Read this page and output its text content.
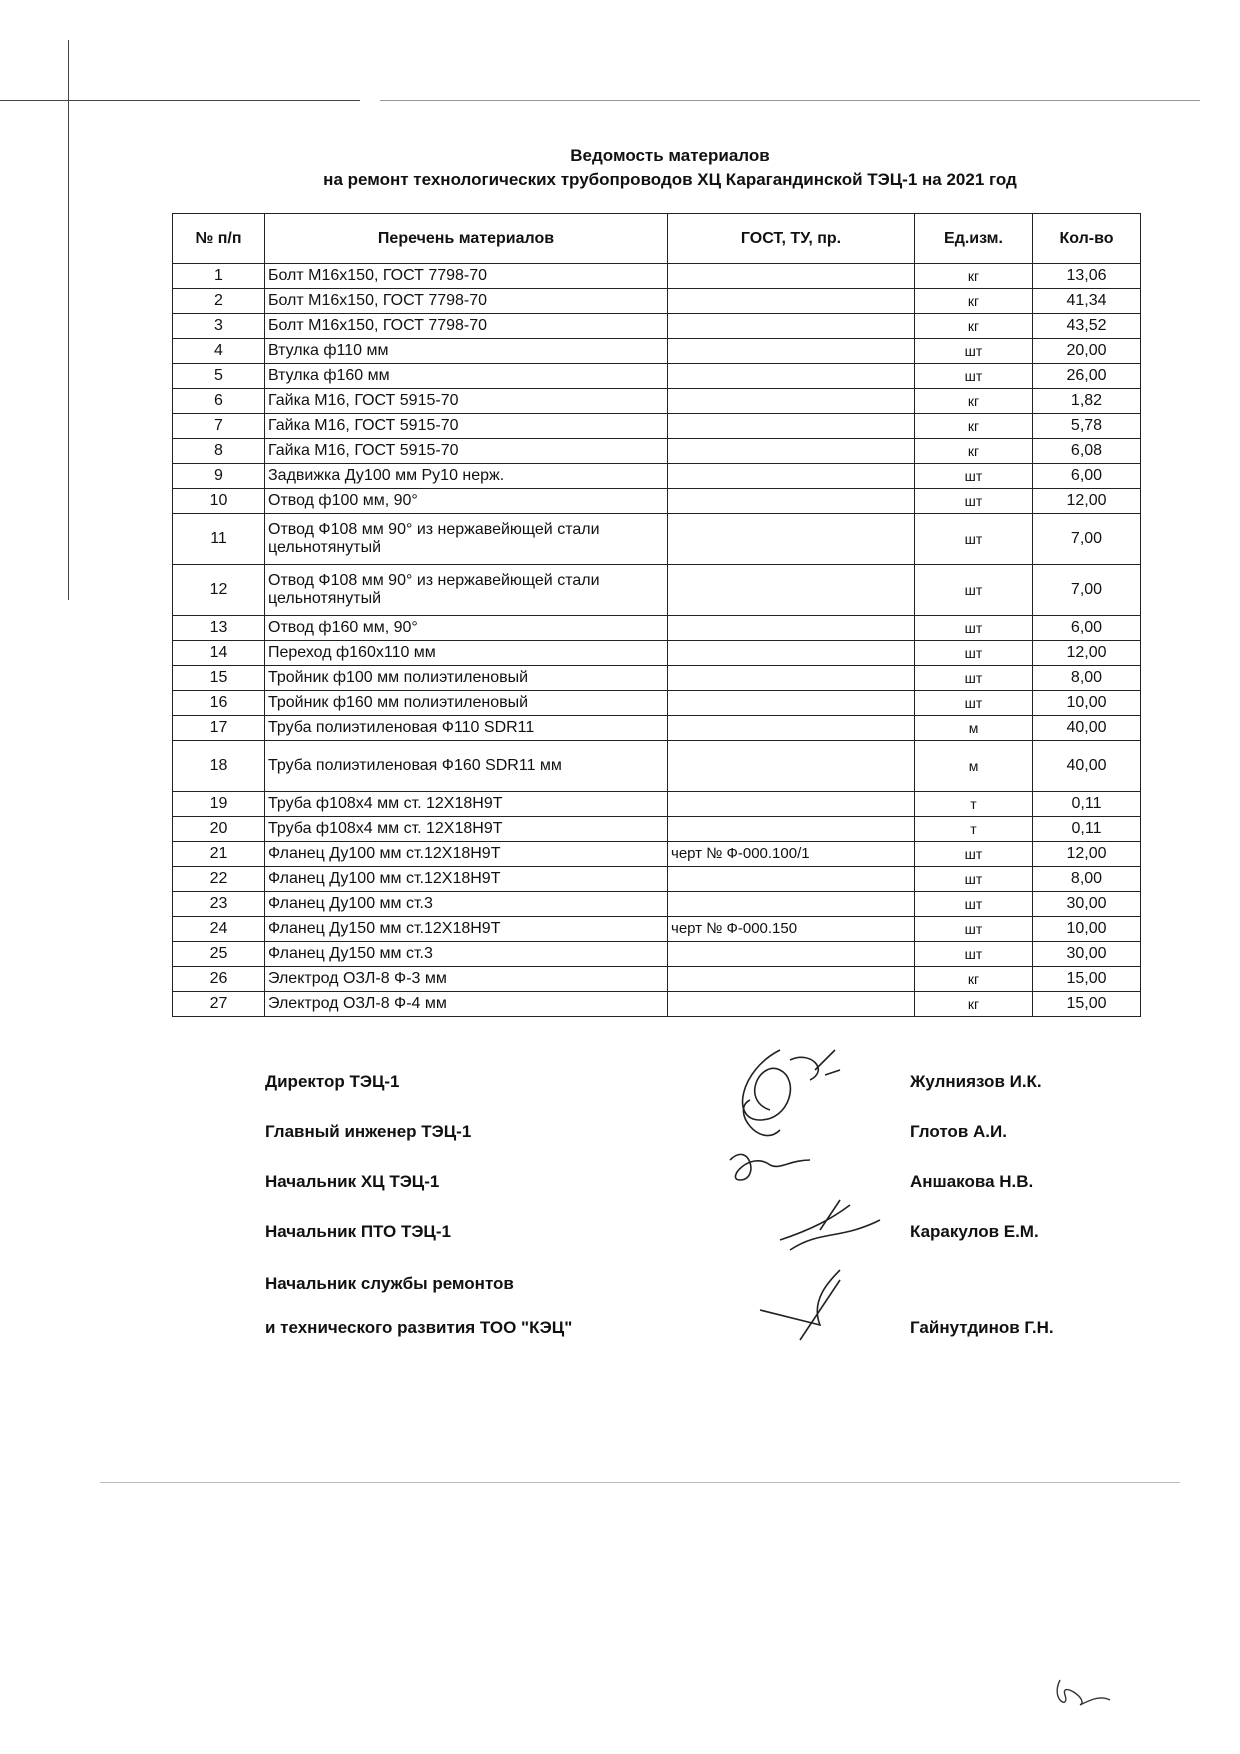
Ведомость материалов
на ремонт технологических трубопроводов ХЦ Карагандинской ТЭЦ-1 на 2021 год
№ п/п	Перечень материалов	ГОСТ, ТУ, пр.	Ед.изм.	Кол-во
1	Болт М16х150, ГОСТ 7798-70		кг	13,06
2	Болт М16х150, ГОСТ 7798-70		кг	41,34
3	Болт М16х150, ГОСТ 7798-70		кг	43,52
4	Втулка ф110 мм		шт	20,00
5	Втулка ф160 мм		шт	26,00
6	Гайка М16, ГОСТ 5915-70		кг	1,82
7	Гайка М16, ГОСТ 5915-70		кг	5,78
8	Гайка М16, ГОСТ 5915-70		кг	6,08
9	Задвижка Ду100 мм Ру10 нерж.		шт	6,00
10	Отвод ф100 мм, 90°		шт	12,00
11	Отвод Ф108 мм 90° из нержавейющей стали цельнотянутый		шт	7,00
12	Отвод Ф108 мм 90° из нержавейющей стали цельнотянутый		шт	7,00
13	Отвод ф160 мм, 90°		шт	6,00
14	Переход ф160х110 мм		шт	12,00
15	Тройник ф100 мм полиэтиленовый		шт	8,00
16	Тройник ф160 мм полиэтиленовый		шт	10,00
17	Труба полиэтиленовая Ф110 SDR11		м	40,00
18	Труба полиэтиленовая Ф160 SDR11 мм		м	40,00
19	Труба ф108х4 мм ст. 12Х18Н9Т		т	0,11
20	Труба ф108х4 мм ст. 12Х18Н9Т		т	0,11
21	Фланец Ду100 мм ст.12Х18Н9Т	черт № Ф-000.100/1	шт	12,00
22	Фланец Ду100 мм ст.12Х18Н9Т		шт	8,00
23	Фланец Ду100 мм ст.3		шт	30,00
24	Фланец Ду150 мм ст.12Х18Н9Т	черт № Ф-000.150	шт	10,00
25	Фланец Ду150 мм ст.3		шт	30,00
26	Электрод ОЗЛ-8 Ф-3 мм		кг	15,00
27	Электрод ОЗЛ-8 Ф-4 мм		кг	15,00
Директор ТЭЦ-1	Жулниязов И.К.
Главный инженер ТЭЦ-1	Глотов А.И.
Начальник ХЦ ТЭЦ-1	Аншакова Н.В.
Начальник ПТО ТЭЦ-1	Каракулов Е.М.
Начальник службы ремонтов
и технического развития ТОО "КЭЦ"	Гайнутдинов Г.Н.
